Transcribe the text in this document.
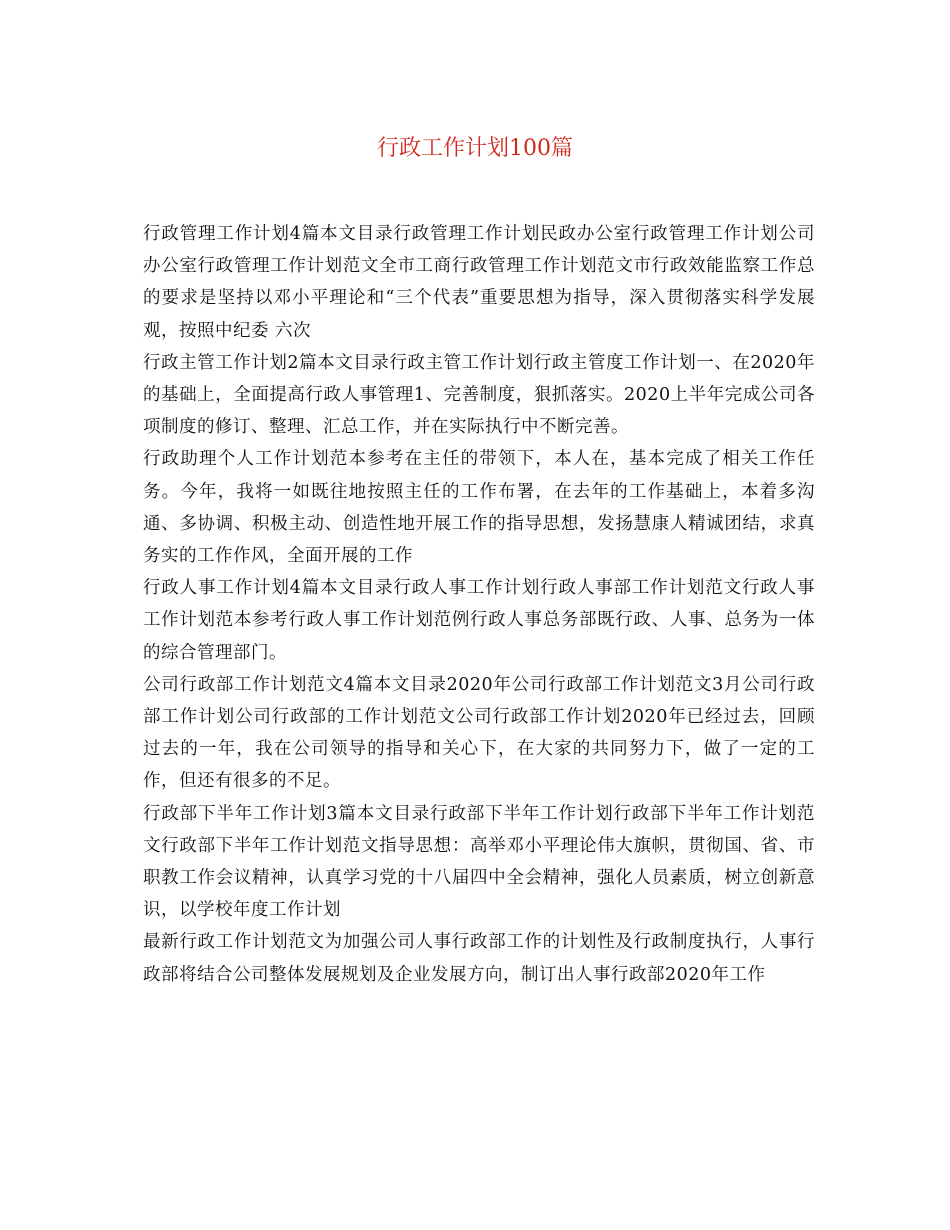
行政工作计划100篇

行政管理工作计划4篇本文目录行政管理工作计划民政办公室行政管理工作计划公司办公室行政管理工作计划范文全市工商行政管理工作计划范文市行政效能监察工作总的要求是坚持以邓小平理论和“三个代表”重要思想为指导，深入贯彻落实科学发展观，按照中纪委 六次

行政主管工作计划2篇本文目录行政主管工作计划行政主管度工作计划一、在2020年的基础上，全面提高行政人事管理1、完善制度，狠抓落实。2020上半年完成公司各项制度的修订、整理、汇总工作，并在实际执行中不断完善。

行政助理个人工作计划范本参考在主任的带领下，本人在，基本完成了相关工作任务。今年，我将一如既往地按照主任的工作布署，在去年的工作基础上，本着多沟通、多协调、积极主动、创造性地开展工作的指导思想，发扬慧康人精诚团结，求真务实的工作作风，全面开展的工作

行政人事工作计划4篇本文目录行政人事工作计划行政人事部工作计划范文行政人事工作计划范本参考行政人事工作计划范例行政人事总务部既行政、人事、总务为一体的综合管理部门。

公司行政部工作计划范文4篇本文目录2020年公司行政部工作计划范文3月公司行政部工作计划公司行政部的工作计划范文公司行政部工作计划2020年已经过去，回顾过去的一年，我在公司领导的指导和关心下，在大家的共同努力下，做了一定的工作，但还有很多的不足。

行政部下半年工作计划3篇本文目录行政部下半年工作计划行政部下半年工作计划范文行政部下半年工作计划范文指导思想：高举邓小平理论伟大旗帜，贯彻国、省、市职教工作会议精神，认真学习党的十八届四中全会精神，强化人员素质，树立创新意识，以学校年度工作计划

最新行政工作计划范文为加强公司人事行政部工作的计划性及行政制度执行，人事行政部将结合公司整体发展规划及企业发展方向，制订出人事行政部2020年工作
